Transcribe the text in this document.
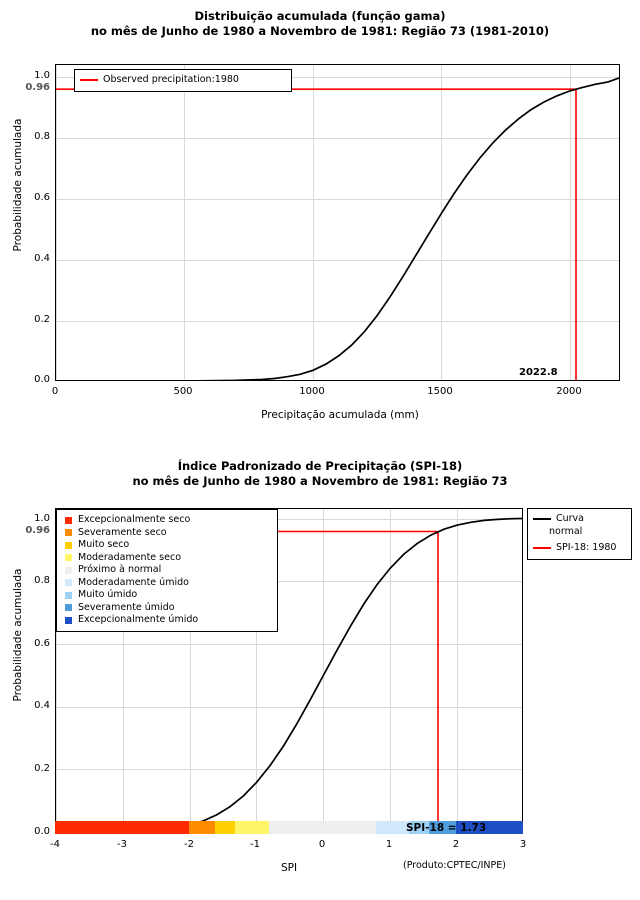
Distribuição acumulada (função gama)
no mês de Junho de 1980 a Novembro de 1981: Região 73 (1981-2010)
Observed precipitation:1980
1.0
0.8
0.6
0.4
0.2
0.0
0.96
0	500	1000	1500	2000
2022.8
Precipitação acumulada (mm)
Probabilidade acumulada
Índice Padronizado de Precipitação (SPI-18)
no mês de Junho de 1980 a Novembro de 1981: Região 73
Excepcionalmente seco
Severamente seco
Muito seco
Moderadamente seco
Próximo à normal
Moderadamente úmido
Muito úmido
Severamente úmido
Excepcionalmente úmido
Curva
normal
SPI-18: 1980
1.0
0.8
0.6
0.4
0.2
0.0
0.96
SPI-18 = 1.73
-4	-3	-2	-1	0	1	2	3
SPI
Probabilidade acumulada
(Produto:CPTEC/INPE)
